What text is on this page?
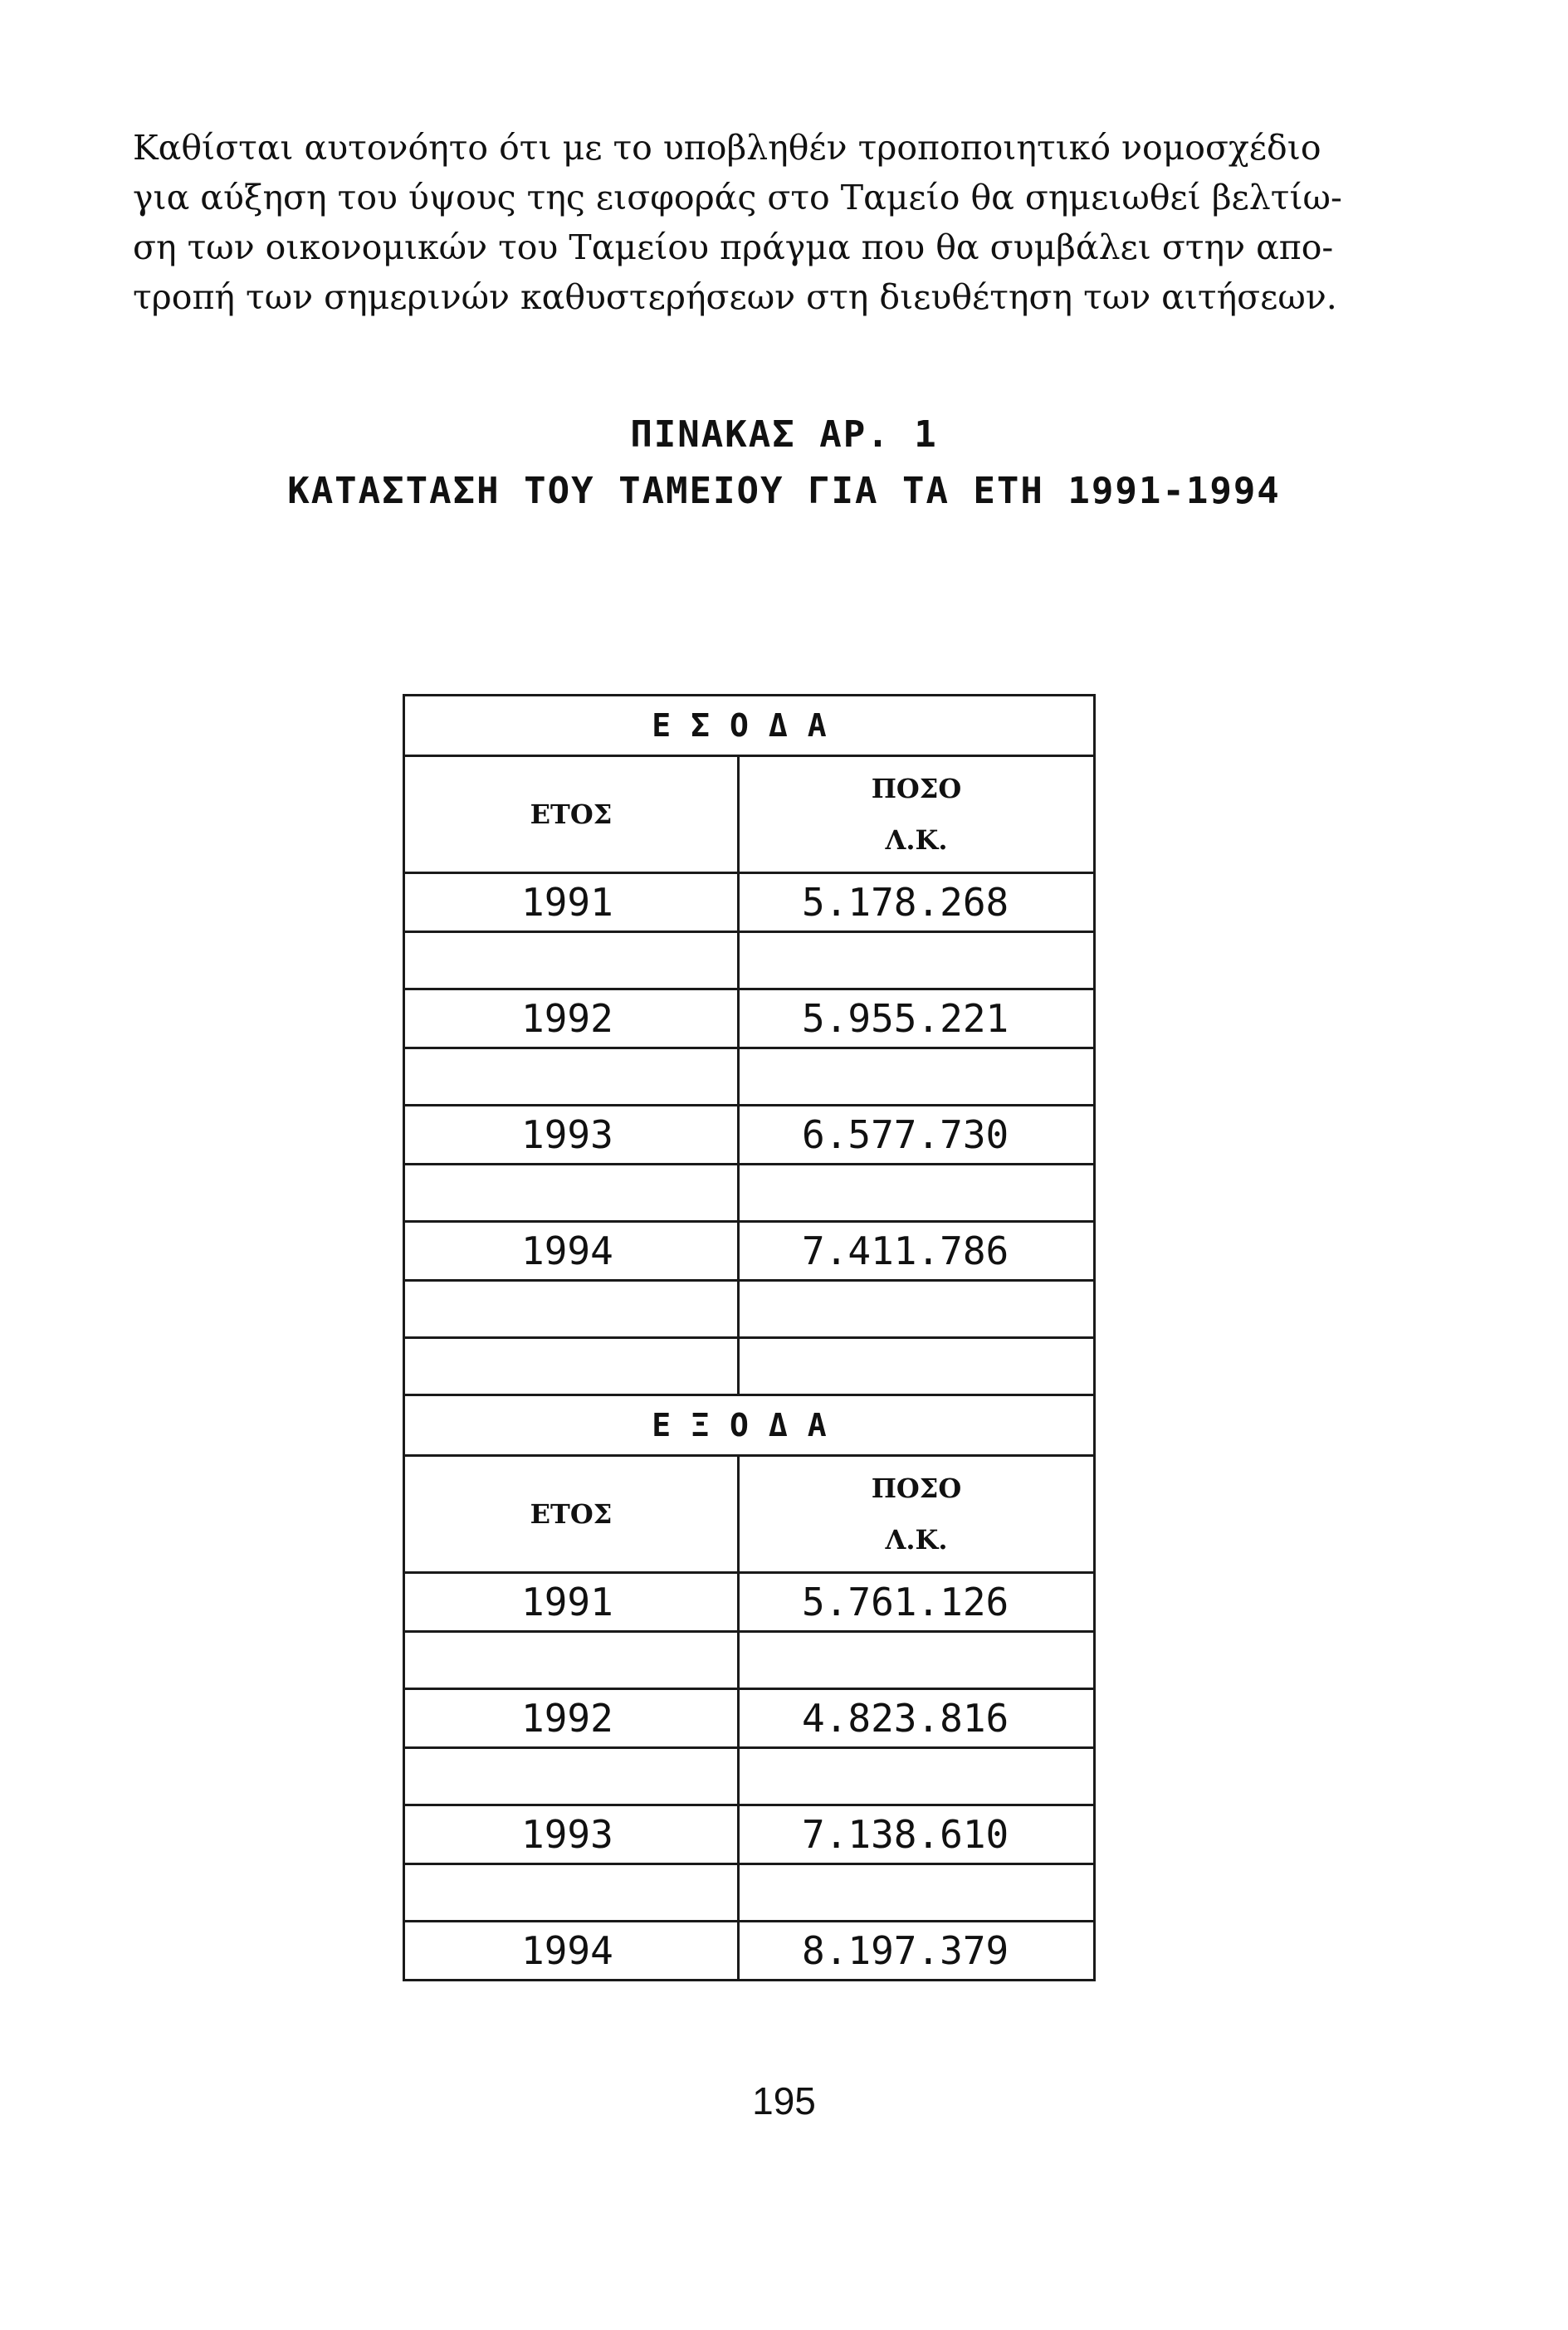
Καθίσται αυτονόητο ότι με το υποβληθέν τροποποιητικό νομοσχέδιο
για αύξηση του ύψους της εισφοράς στο Ταμείο θα σημειωθεί βελτίω-
ση των οικονομικών του Ταμείου πράγμα που θα συμβάλει στην απο-
τροπή των σημερινών καθυστερήσεων στη διευθέτηση των αιτήσεων.
ΠΙΝΑΚΑΣ ΑΡ. 1
ΚΑΤΑΣΤΑΣΗ ΤΟΥ ΤΑΜΕΙΟΥ ΓΙΑ ΤΑ ΕΤΗ 1991-1994
ΕΣΟΔΑ	
ΕΤΟΣ	ΠΟΣΟ
Λ.Κ.

1991	5.178.268

1992	5.955.221

1993	6.577.730

1994	7.411.786

ΕΞΟΔΑ	
ΕΤΟΣ	ΠΟΣΟ
Λ.Κ.

1991	5.761.126

1992	4.823.816

1993	7.138.610

1994	8.197.379
195
